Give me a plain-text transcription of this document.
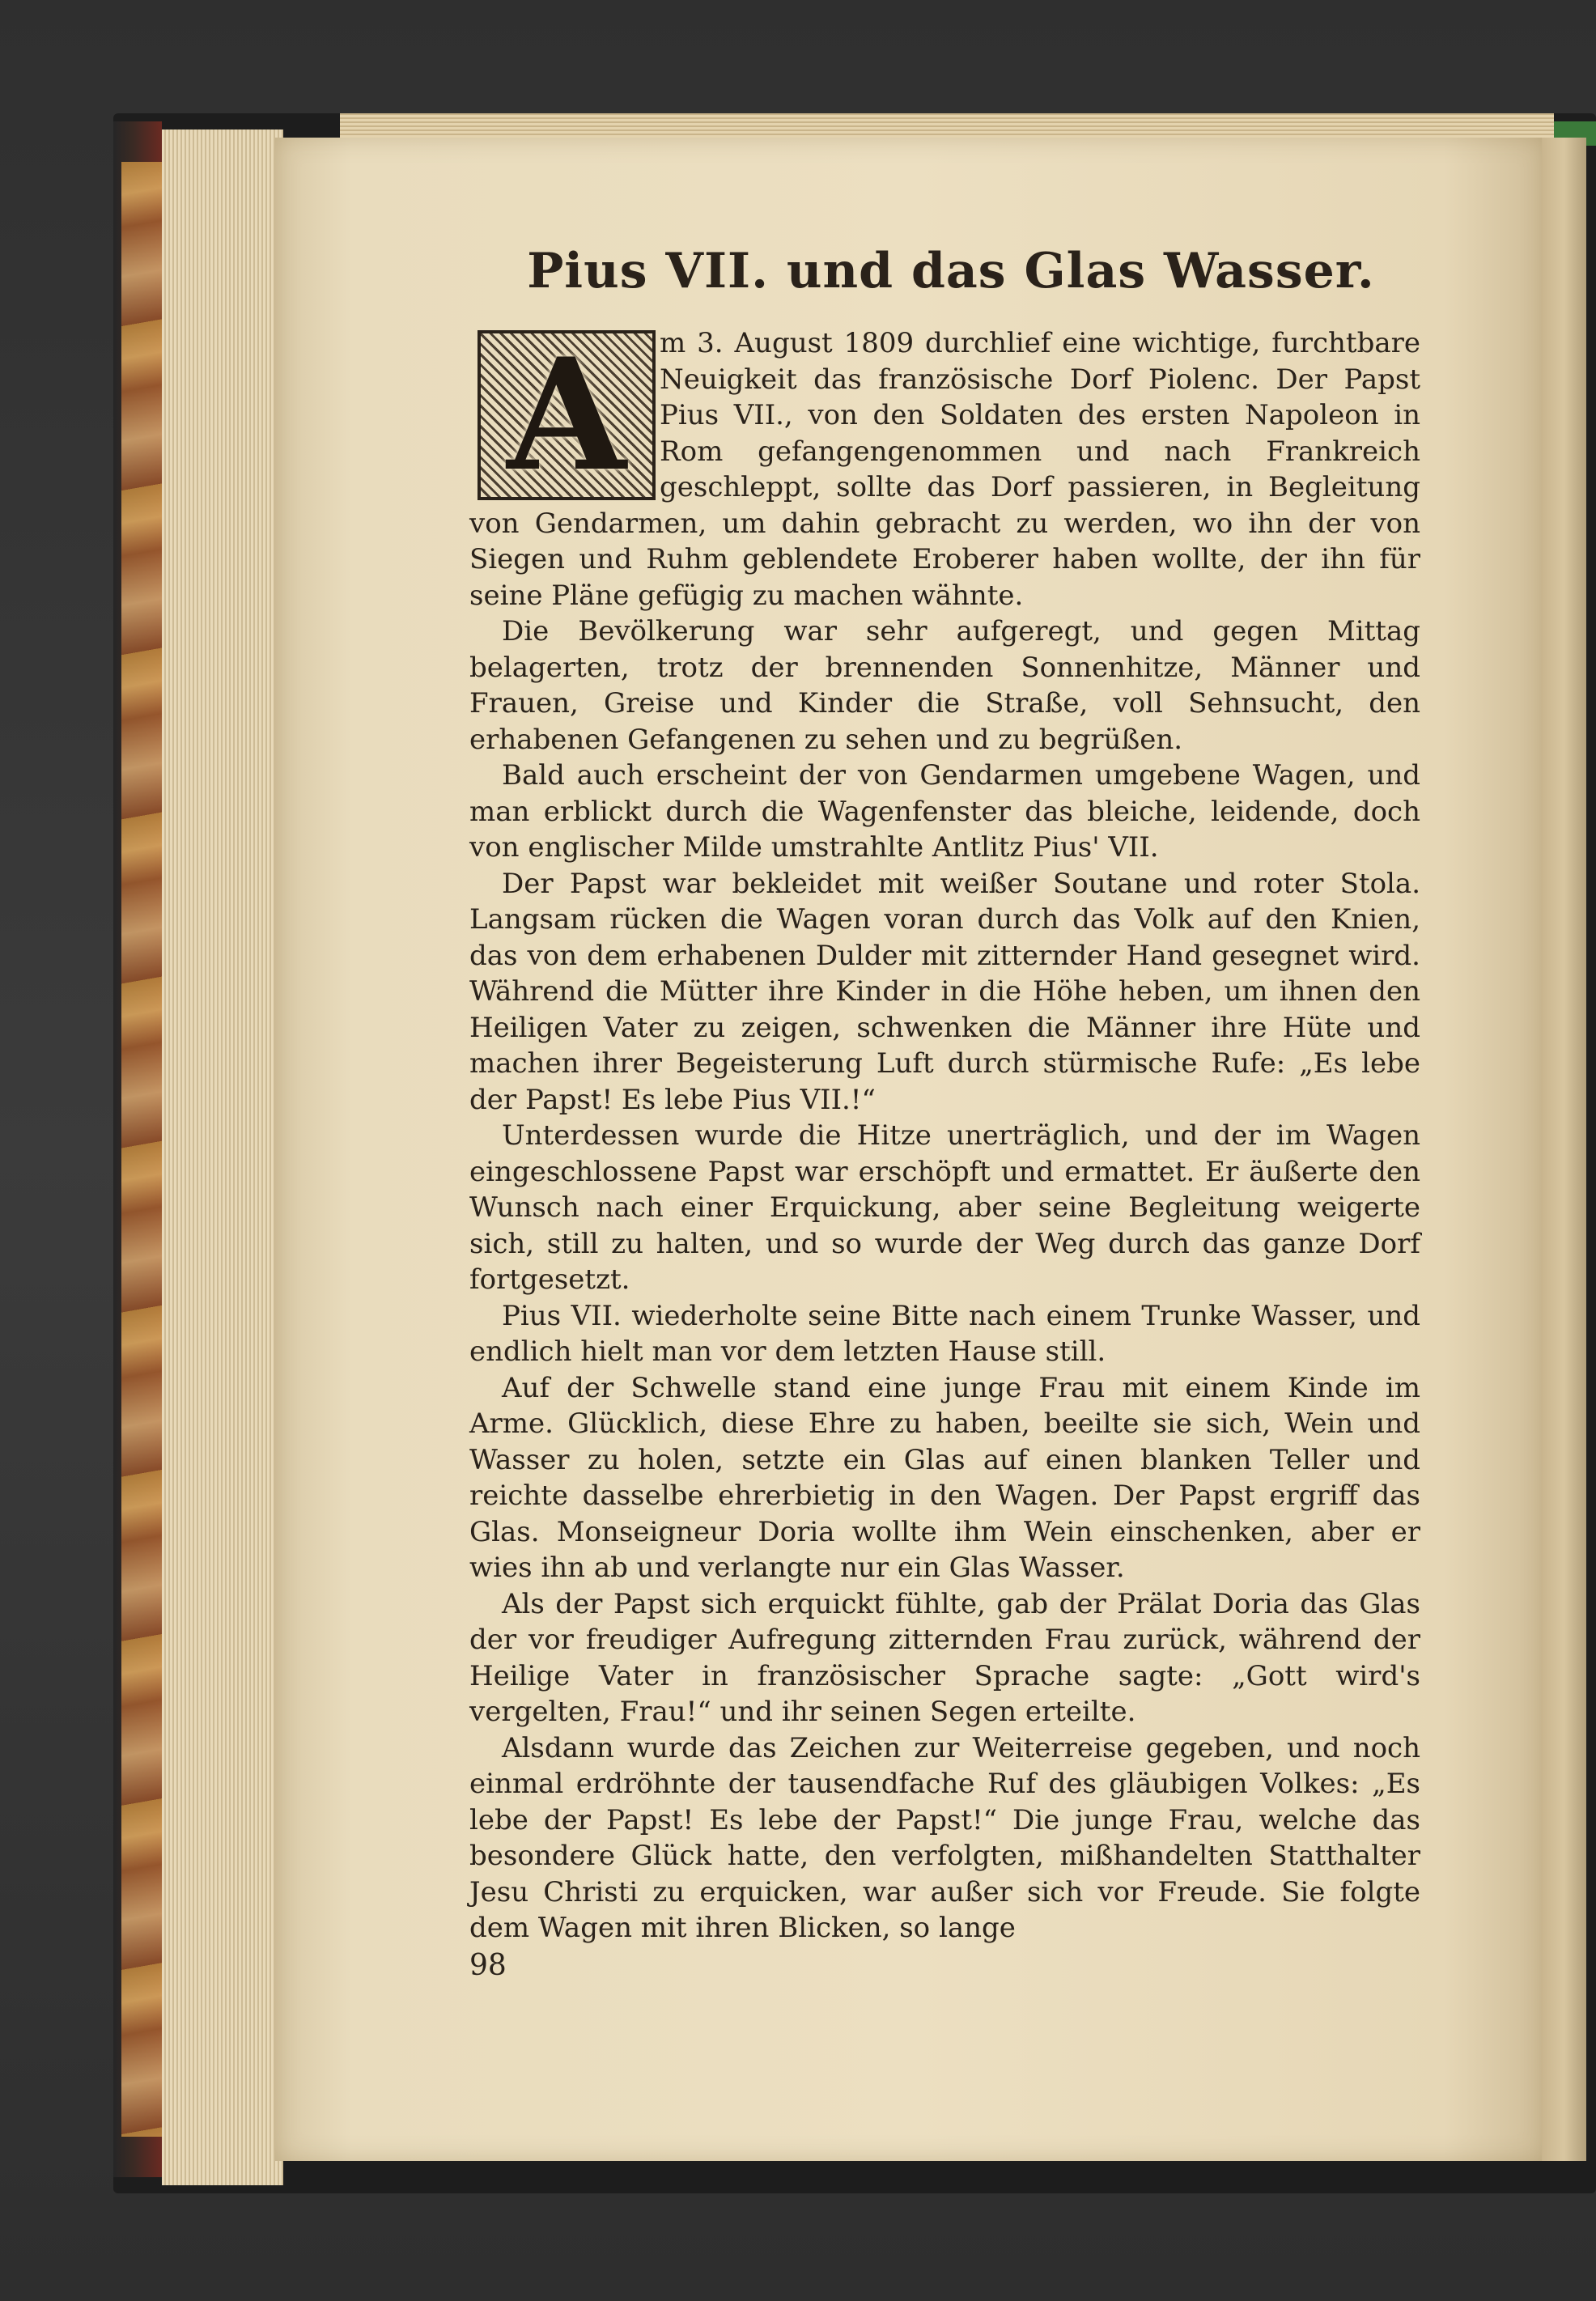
Pius VII. und das Glas Wasser.
A	m 3. August 1809 durchlief eine wichtige, furchtbare Neuigkeit das französische Dorf Piolenc. Der Papst Pius VII., von den Soldaten des ersten Napoleon in Rom gefangengenommen und nach Frankreich geschleppt, sollte das Dorf passieren, in Begleitung von Gendarmen, um dahin gebracht zu werden, wo ihn der von Siegen und Ruhm geblendete Eroberer haben wollte, der ihn für seine Pläne gefügig zu machen wähnte.

Die Bevölkerung war sehr aufgeregt, und gegen Mittag belagerten, trotz der brennenden Sonnenhitze, Männer und Frauen, Greise und Kinder die Straße, voll Sehnsucht, den erhabenen Gefangenen zu sehen und zu begrüßen.

Bald auch erscheint der von Gendarmen umgebene Wagen, und man erblickt durch die Wagenfenster das bleiche, leidende, doch von englischer Milde umstrahlte Antlitz Pius' VII.

Der Papst war bekleidet mit weißer Soutane und roter Stola. Langsam rücken die Wagen voran durch das Volk auf den Knien, das von dem erhabenen Dulder mit zitternder Hand gesegnet wird. Während die Mütter ihre Kinder in die Höhe heben, um ihnen den Heiligen Vater zu zeigen, schwenken die Männer ihre Hüte und machen ihrer Begeisterung Luft durch stürmische Rufe: „Es lebe der Papst! Es lebe Pius VII.!“

Unterdessen wurde die Hitze unerträglich, und der im Wagen eingeschlossene Papst war erschöpft und ermattet. Er äußerte den Wunsch nach einer Erquickung, aber seine Begleitung weigerte sich, still zu halten, und so wurde der Weg durch das ganze Dorf fortgesetzt.

Pius VII. wiederholte seine Bitte nach einem Trunke Wasser, und endlich hielt man vor dem letzten Hause still.

Auf der Schwelle stand eine junge Frau mit einem Kinde im Arme. Glücklich, diese Ehre zu haben, beeilte sie sich, Wein und Wasser zu holen, setzte ein Glas auf einen blanken Teller und reichte dasselbe ehrerbietig in den Wagen. Der Papst ergriff das Glas. Monseigneur Doria wollte ihm Wein einschenken, aber er wies ihn ab und verlangte nur ein Glas Wasser.

Als der Papst sich erquickt fühlte, gab der Prälat Doria das Glas der vor freudiger Aufregung zitternden Frau zurück, während der Heilige Vater in französischer Sprache sagte: „Gott wird's vergelten, Frau!“ und ihr seinen Segen erteilte.

Alsdann wurde das Zeichen zur Weiterreise gegeben, und noch einmal erdröhnte der tausendfache Ruf des gläubigen Volkes: „Es lebe der Papst! Es lebe der Papst!“ Die junge Frau, welche das besondere Glück hatte, den verfolgten, mißhandelten Statthalter Jesu Christi zu erquicken, war außer sich vor Freude. Sie folgte dem Wagen mit ihren Blicken, so lange

98
